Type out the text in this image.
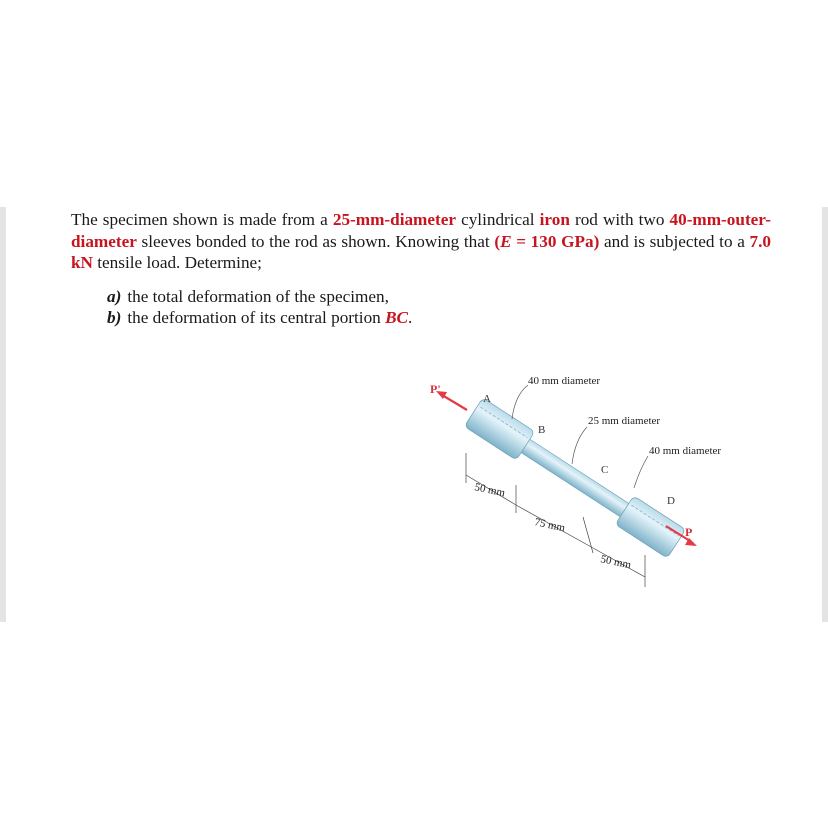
The specimen shown is made from a 25-mm-diameter cylindrical iron rod with two 40-mm-outer-diameter sleeves bonded to the rod as shown. Knowing that (E = 130 GPa) and is subjected to a 7.0 kN tensile load. Determine;

a) the total deformation of the specimen,
b) the deformation of its central portion BC.
40 mm diameter
25 mm diameter
40 mm diameter
A
B
C
D
P'
P
50 mm
75 mm
50 mm
